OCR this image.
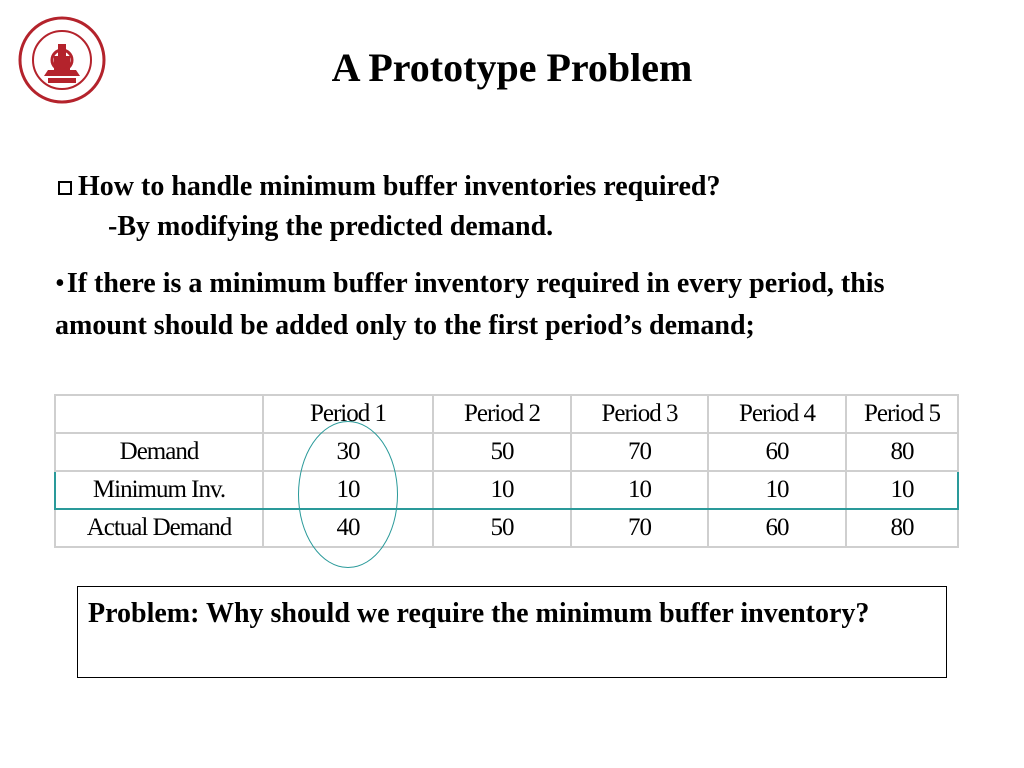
A Prototype Problem
How to handle minimum buffer inventories required?
-By modifying the predicted demand.
•If there is a minimum buffer inventory required in every period, this amount should be added only to the first period’s demand;
	Period 1	Period 2	Period 3	Period 4	Period 5
Demand	30	50	70	60	80
Minimum Inv.	10	10	10	10	10
Actual Demand	40	50	70	60	80
Problem: Why should we require the minimum buffer inventory?
